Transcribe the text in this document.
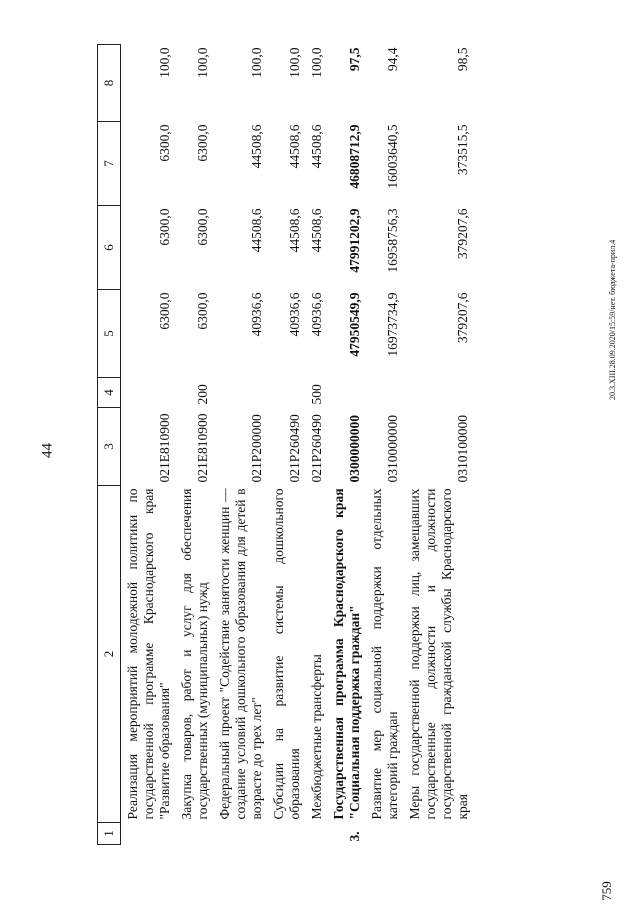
44
20.3.XIII.28.09.2020/15:59/нет. бюджета-прил.4
759
1	2	3	4	5	6	7	8
	Реализация мероприятий молодежной политики по государственной программе Краснодарского края "Развитие образования"	021E810900		6300,0	6300,0	6300,0	100,0
	Закупка товаров, работ и услуг для обеспечения государственных (муниципальных) нужд	021E810900	200	6300,0	6300,0	6300,0	100,0
	Федеральный проект "Содействие занятости женщин — создание условий дошкольного образования для детей в возрасте до трех лет"	021P200000		40936,6	44508,6	44508,6	100,0
	Субсидии на развитие системы дошкольного образования	021P260490		40936,6	44508,6	44508,6	100,0
	Межбюджетные трансферты	021P260490	500	40936,6	44508,6	44508,6	100,0
3.	Государственная программа Краснодарского края "Социальная поддержка граждан"	0300000000		47950549,9	47991202,9	46808712,9	97,5
	Развитие мер социальной поддержки отдельных категорий граждан	0310000000		16973734,9	16958756,3	16003640,5	94,4
	Меры государственной поддержки лиц, замещавших государственные должности и должности государственной гражданской службы Краснодарского края	0310100000		379207,6	379207,6	373515,5	98,5
